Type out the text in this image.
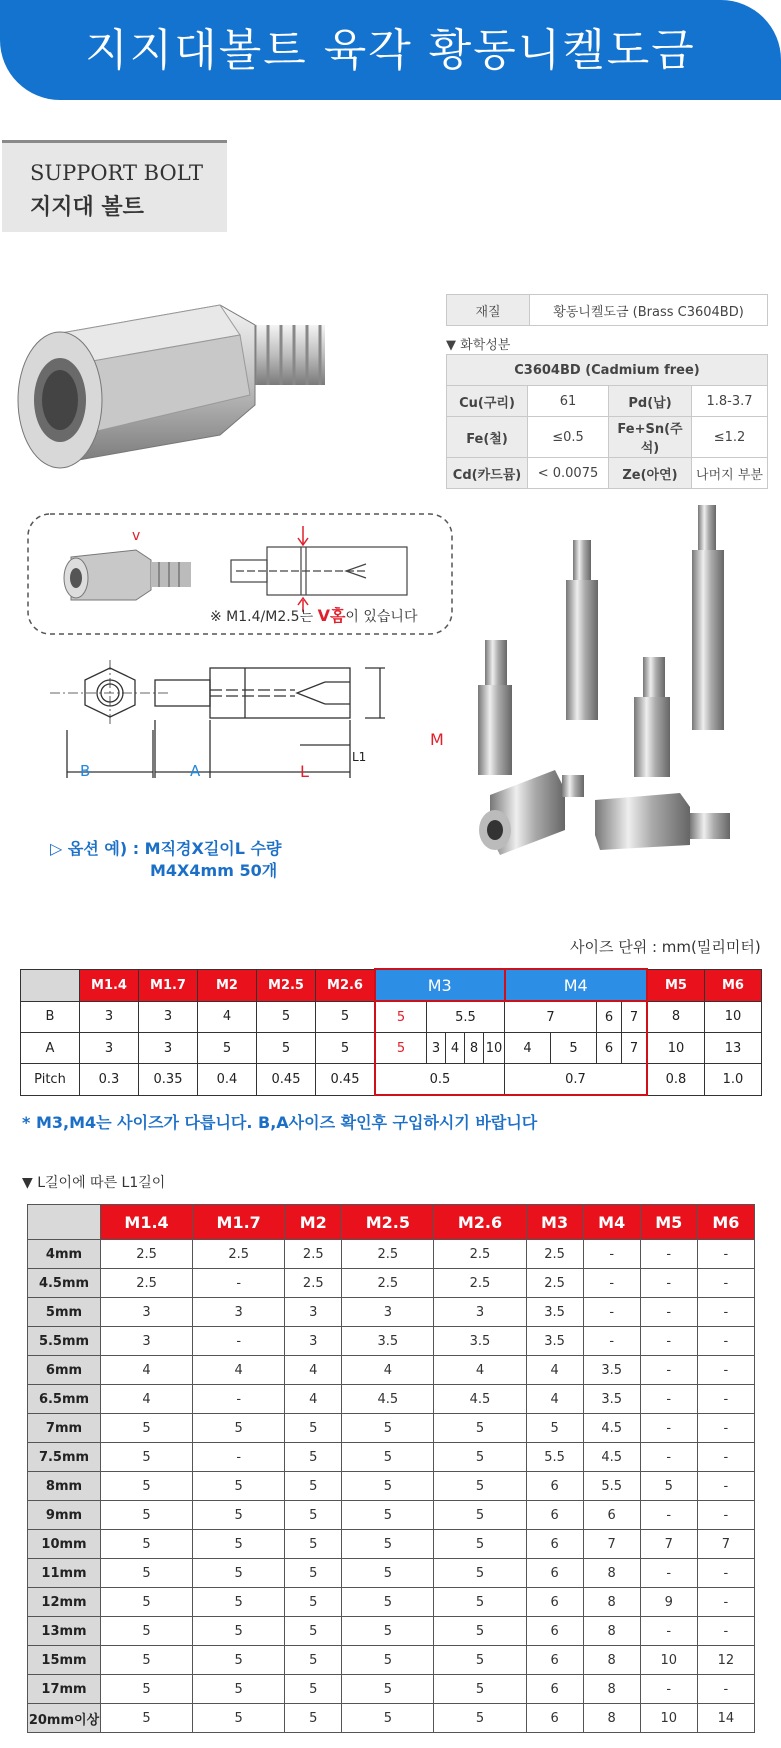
지지대볼트 육각 황동니켈도금
SUPPORT BOLT
지지대 볼트
재질	황동니켈도금 (Brass C3604BD)
▼ 화학성분
C3604BD (Cadmium free)			
Cu(구리)	61	Pd(납)	1.8-3.7
Fe(철)	≤0.5	Fe+Sn(주석)	≤1.2
Cd(카드뮴)	< 0.0075	Ze(아연)	나머지 부분
v
※ M1.4/M2.5는 V홈이 있습니다
B	A	L
L1
M
▷ 옵션 예) : M직경X길이L 수량
M4X4mm 50개
사이즈 단위 : mm(밀리미터)
	M1.4	M1.7	M2	M2.5	M2.6	M3					M4				M5	M6
B	3	3	4	5	5	5	5.5				7		6	7	8	10
A	3	3	5	5	5	5	3	4	8	10	4	5	6	7	10	13
Pitch	0.3	0.35	0.4	0.45	0.45	0.5					0.7				0.8	1.0
* M3,M4는 사이즈가 다릅니다. B,A사이즈 확인후 구입하시기 바랍니다
▼ L길이에 따른 L1길이
	M1.4	M1.7	M2	M2.5	M2.6	M3	M4	M5	M6
4mm	2.5	2.5	2.5	2.5	2.5	2.5	-	-	-
4.5mm	2.5	-	2.5	2.5	2.5	2.5	-	-	-
5mm	3	3	3	3	3	3.5	-	-	-
5.5mm	3	-	3	3.5	3.5	3.5	-	-	-
6mm	4	4	4	4	4	4	3.5	-	-
6.5mm	4	-	4	4.5	4.5	4	3.5	-	-
7mm	5	5	5	5	5	5	4.5	-	-
7.5mm	5	-	5	5	5	5.5	4.5	-	-
8mm	5	5	5	5	5	6	5.5	5	-
9mm	5	5	5	5	5	6	6	-	-
10mm	5	5	5	5	5	6	7	7	7
11mm	5	5	5	5	5	6	8	-	-
12mm	5	5	5	5	5	6	8	9	-
13mm	5	5	5	5	5	6	8	-	-
15mm	5	5	5	5	5	6	8	10	12
17mm	5	5	5	5	5	6	8	-	-
20mm이상	5	5	5	5	5	6	8	10	14
